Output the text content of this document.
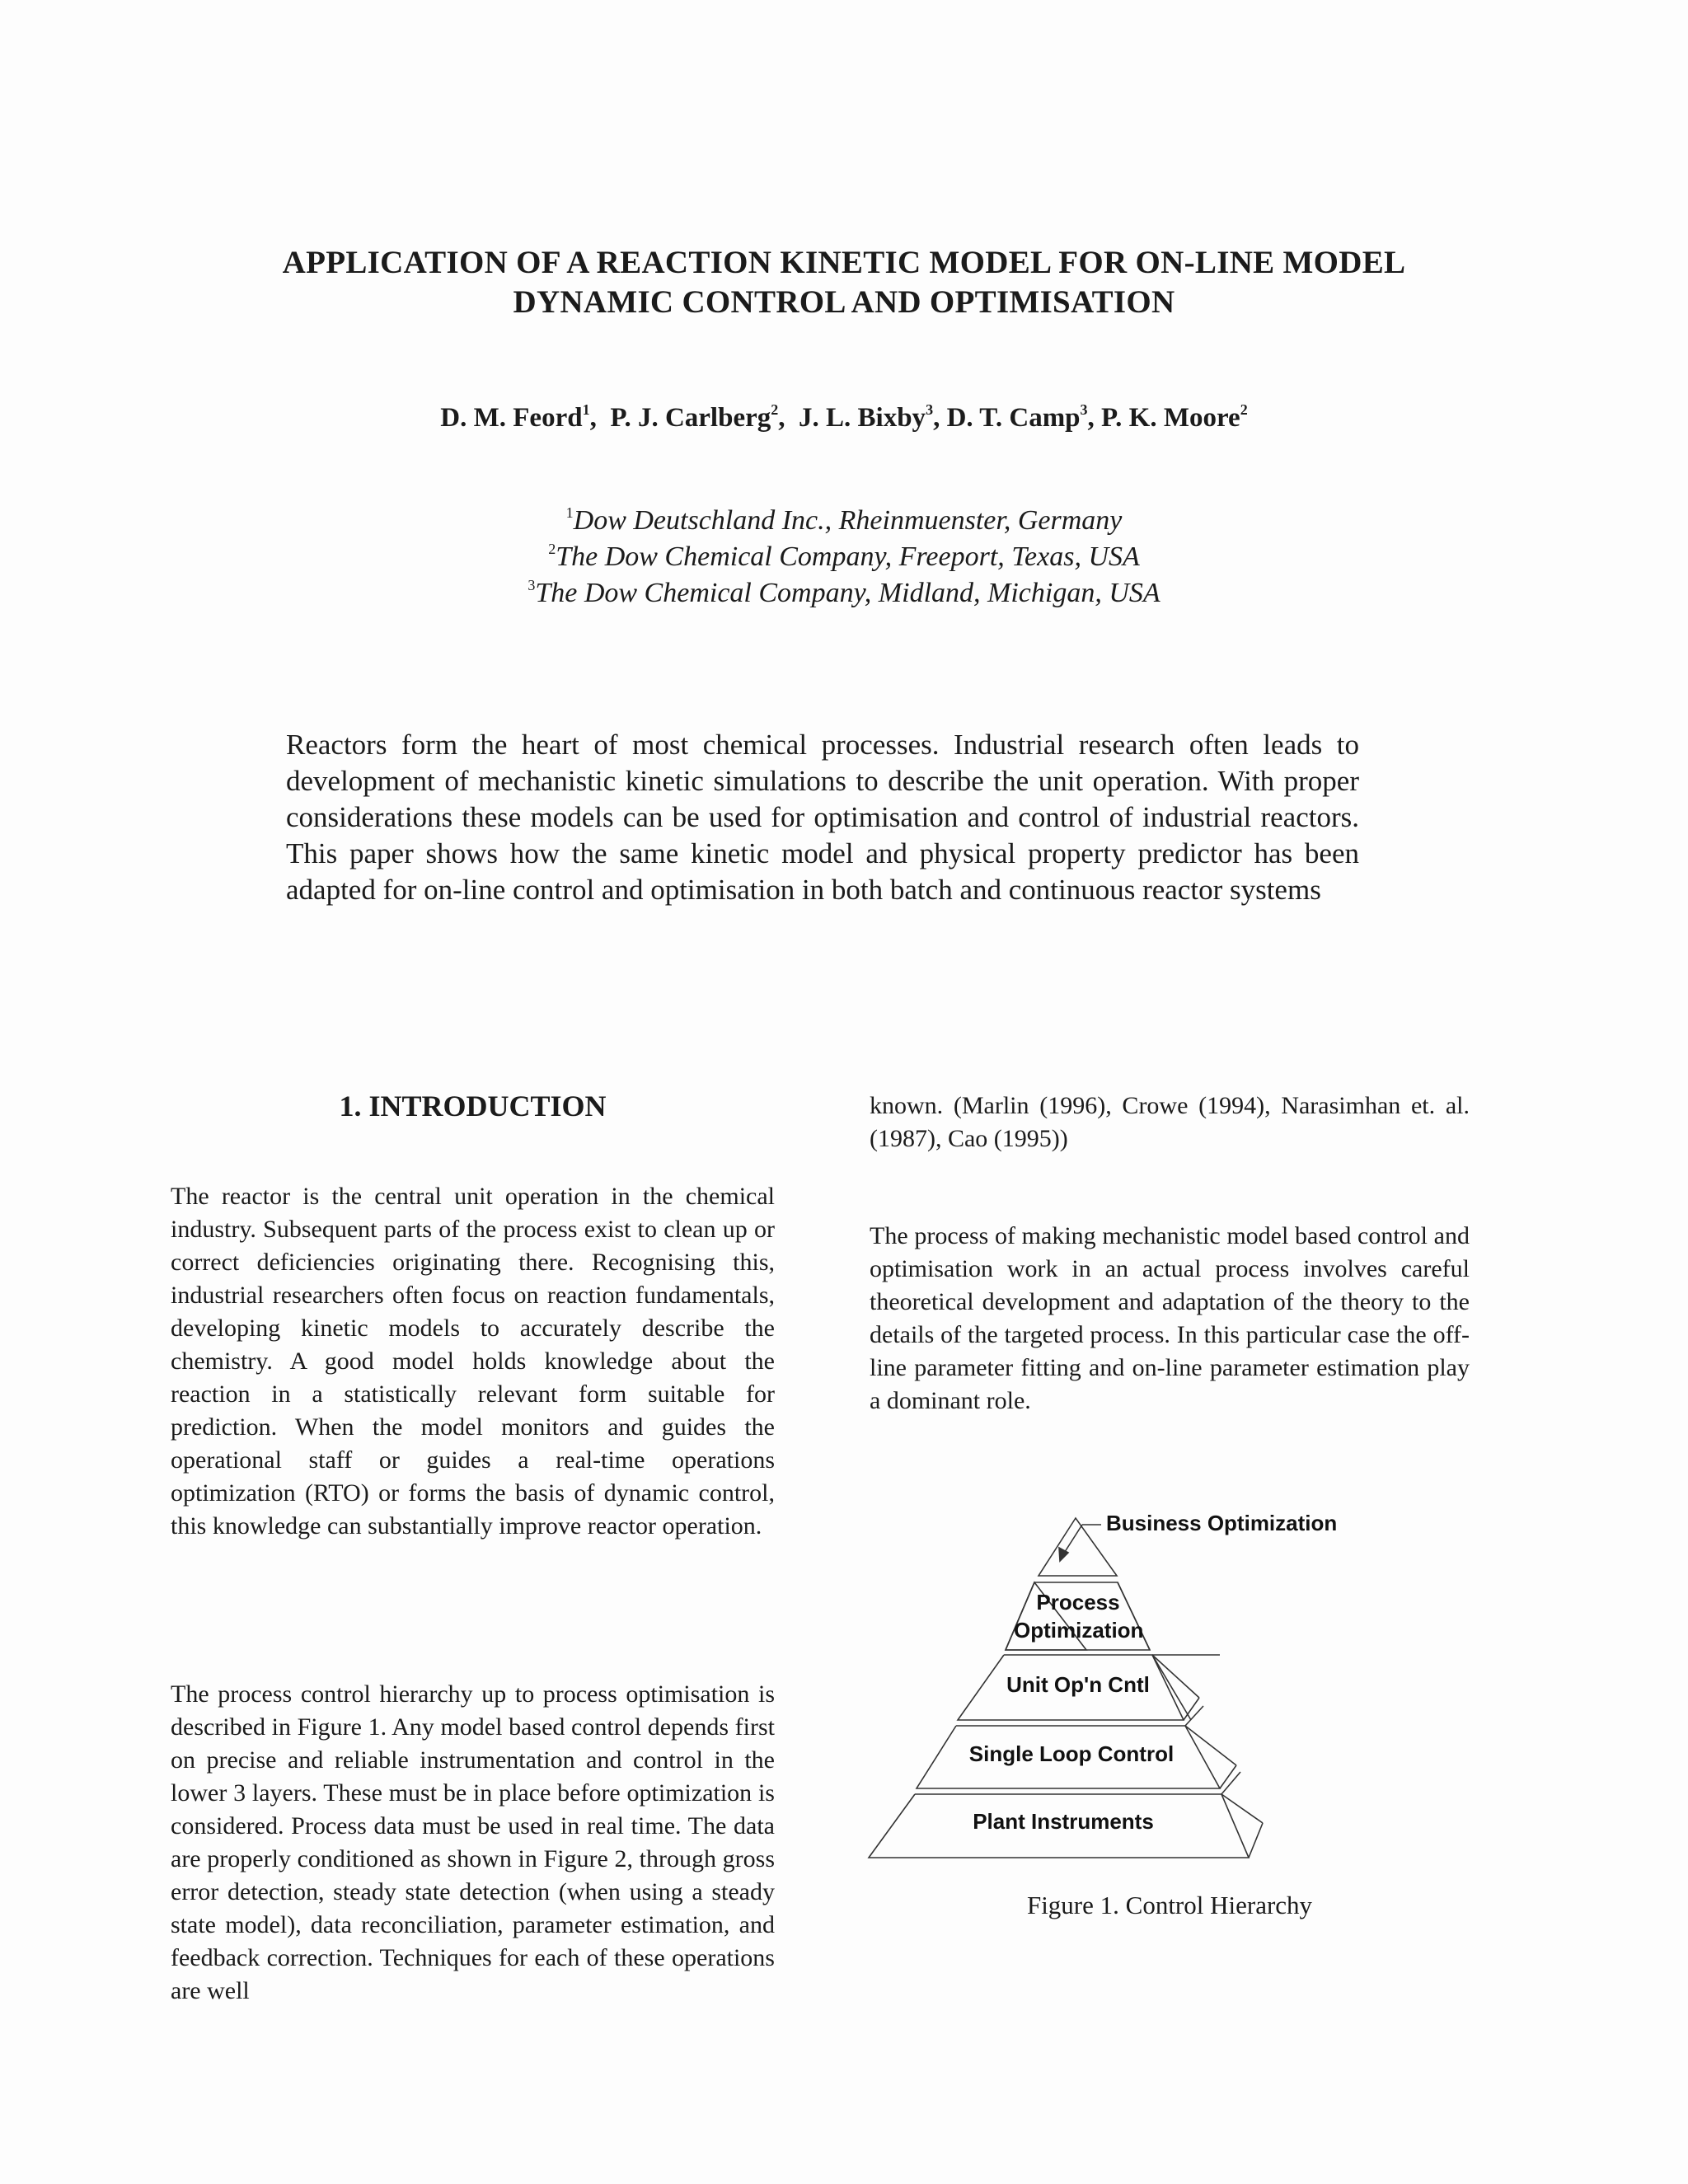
APPLICATION OF A REACTION KINETIC MODEL FOR ON-LINE MODEL
DYNAMIC CONTROL AND OPTIMISATION
D. M. Feord$^1$,  P. J. Carlberg$^2$,  J. L. Bixby$^3$, D. T. Camp$^3$, P. K. Moore$^2$
$^1$Dow Deutschland Inc., Rheinmuenster, Germany
$^2$The Dow Chemical Company, Freeport, Texas, USA
$^3$The Dow Chemical Company, Midland, Michigan, USA
Reactors form the heart of most chemical processes. Industrial research often leads to development of mechanistic kinetic simulations to describe the unit operation. With proper considerations these models can be used for optimisation and control of industrial reactors. This paper shows how the same kinetic model and physical property predictor has been adapted for on-line control and optimisation in both batch and continuous reactor systems
1. INTRODUCTION

The reactor is the central unit operation in the chemical industry. Subsequent parts of the process exist to clean up or correct deficiencies originating there. Recognising this, industrial researchers often focus on reaction fundamentals, developing kinetic models to accurately describe the chemistry. A good model holds knowledge about the reaction in a statistically relevant form suitable for prediction. When the model monitors and guides the operational staff or guides a real-time operations optimization (RTO) or forms the basis of dynamic control, this knowledge can substantially improve reactor operation.

The process control hierarchy up to process optimisation is described in Figure 1. Any model based control depends first on precise and reliable instrumentation and control in the lower 3 layers. These must be in place before optimization is considered. Process data must be used in real time. The data are properly conditioned as shown in Figure 2, through gross error detection, steady state detection (when using a steady state model), data reconciliation, parameter estimation, and feedback correction. Techniques for each of these operations are well

known. (Marlin (1996), Crowe (1994), Narasimhan et. al. (1987), Cao (1995))

The process of making mechanistic model based control and optimisation work in an actual process involves careful theoretical development and adaptation of the theory to the details of the targeted process. In this particular case the off-line parameter fitting and on-line parameter estimation play a dominant role.

Business Optimization
Process
Optimization
Unit Op'n Cntl
Single Loop Control
Plant Instruments
Figure 1. Control Hierarchy
